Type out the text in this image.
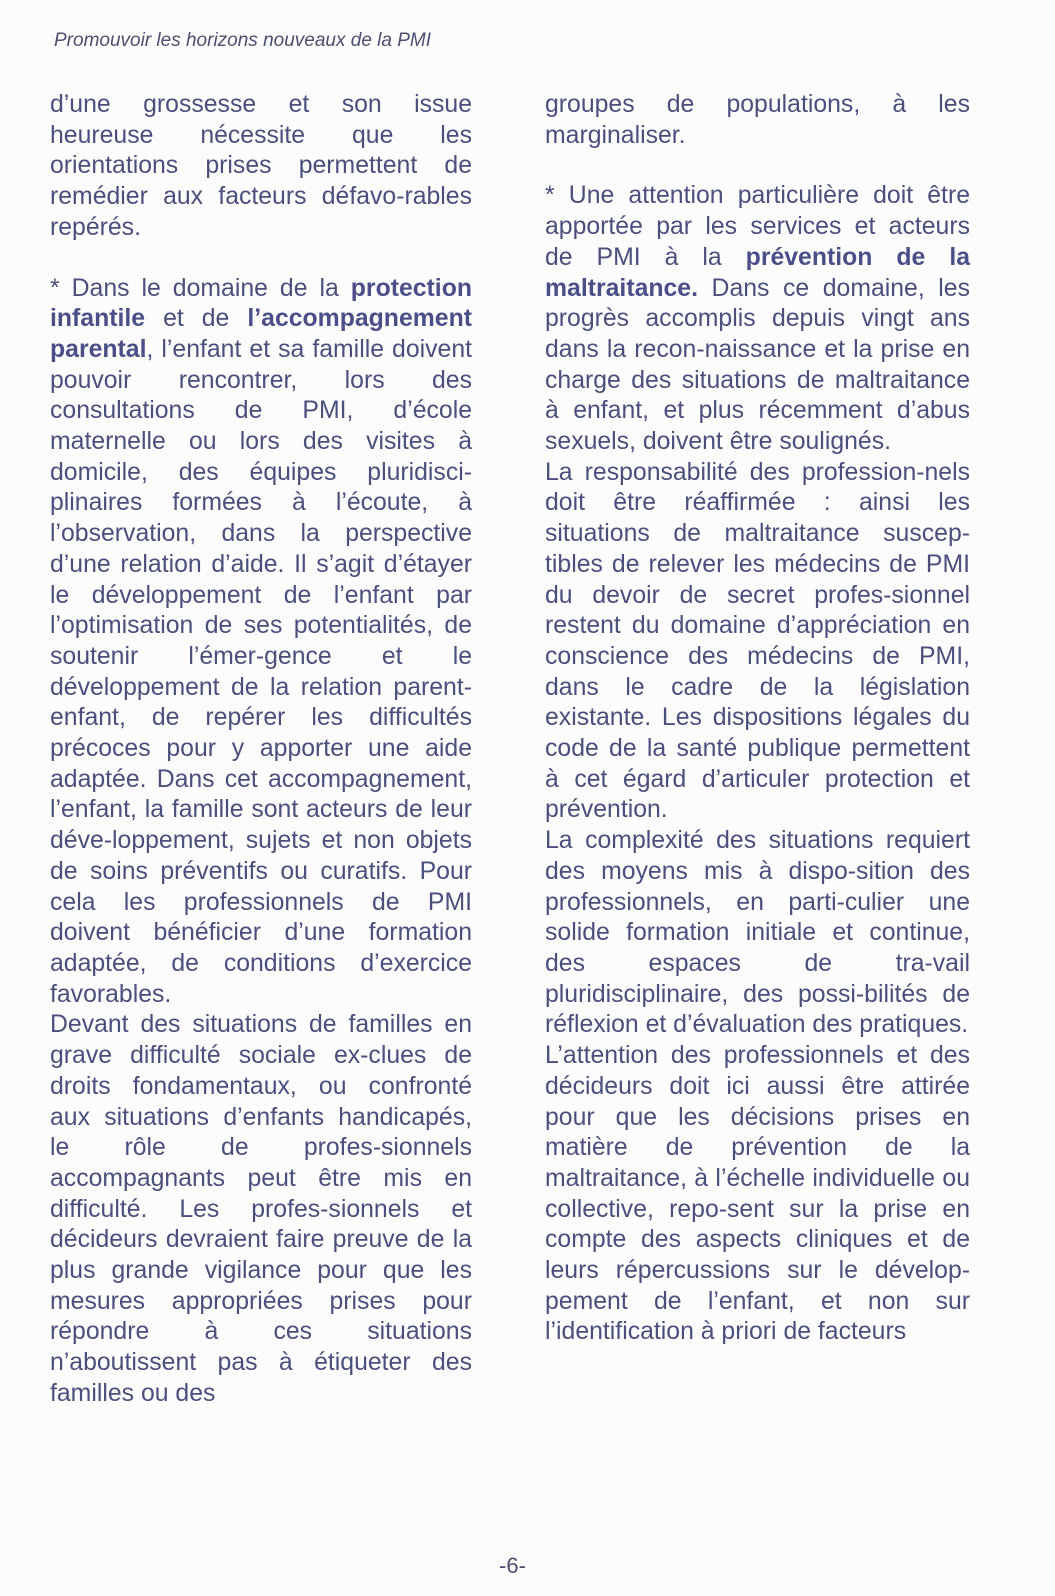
Promouvoir les horizons nouveaux de la PMI

d’une grossesse et son issue heureuse nécessite que les orientations prises permettent de remédier aux facteurs défavo-rables repérés.

* Dans le domaine de la protection infantile et de l’accompagnement parental, l’enfant et sa famille doivent pouvoir rencontrer, lors des consultations de PMI, d’école maternelle ou lors des visites à domicile, des équipes pluridisci-plinaires formées à l’écoute, à l’observation, dans la perspective d’une relation d’aide. Il s’agit d’étayer le développement de l’enfant par l’optimisation de ses potentialités, de soutenir l’émer-gence et le développement de la relation parent-enfant, de repérer les difficultés précoces pour y apporter une aide adaptée. Dans cet accompagnement, l’enfant, la famille sont acteurs de leur déve-loppement, sujets et non objets de soins préventifs ou curatifs. Pour cela les professionnels de PMI doivent bénéficier d’une formation adaptée, de conditions d’exercice favorables.

Devant des situations de familles en grave difficulté sociale ex-clues de droits fondamentaux, ou confronté aux situations d’enfants handicapés, le rôle de profes-sionnels accompagnants peut être mis en difficulté. Les profes-sionnels et décideurs devraient faire preuve de la plus grande vigilance pour que les mesures appropriées prises pour répondre à ces situations n’aboutissent pas à étiqueter des familles ou des

groupes de populations, à les marginaliser.

* Une attention particulière doit être apportée par les services et acteurs de PMI à la prévention de la maltraitance. Dans ce domaine, les progrès accomplis depuis vingt ans dans la recon-naissance et la prise en charge des situations de maltraitance à enfant, et plus récemment d’abus sexuels, doivent être soulignés.

La responsabilité des profession-nels doit être réaffirmée : ainsi les situations de maltraitance suscep-tibles de relever les médecins de PMI du devoir de secret profes-sionnel restent du domaine d’appréciation en conscience des médecins de PMI, dans le cadre de la législation existante. Les dispositions légales du code de la santé publique permettent à cet égard d’articuler protection et prévention.

La complexité des situations requiert des moyens mis à dispo-sition des professionnels, en parti-culier une solide formation initiale et continue, des espaces de tra-vail pluridisciplinaire, des possi-bilités de réflexion et d’évaluation des pratiques.

L’attention des professionnels et des décideurs doit ici aussi être attirée pour que les décisions prises en matière de prévention de la maltraitance, à l’échelle individuelle ou collective, repo-sent sur la prise en compte des aspects cliniques et de leurs répercussions sur le dévelop-pement de l’enfant, et non sur l’identification à priori de facteurs

-6-
